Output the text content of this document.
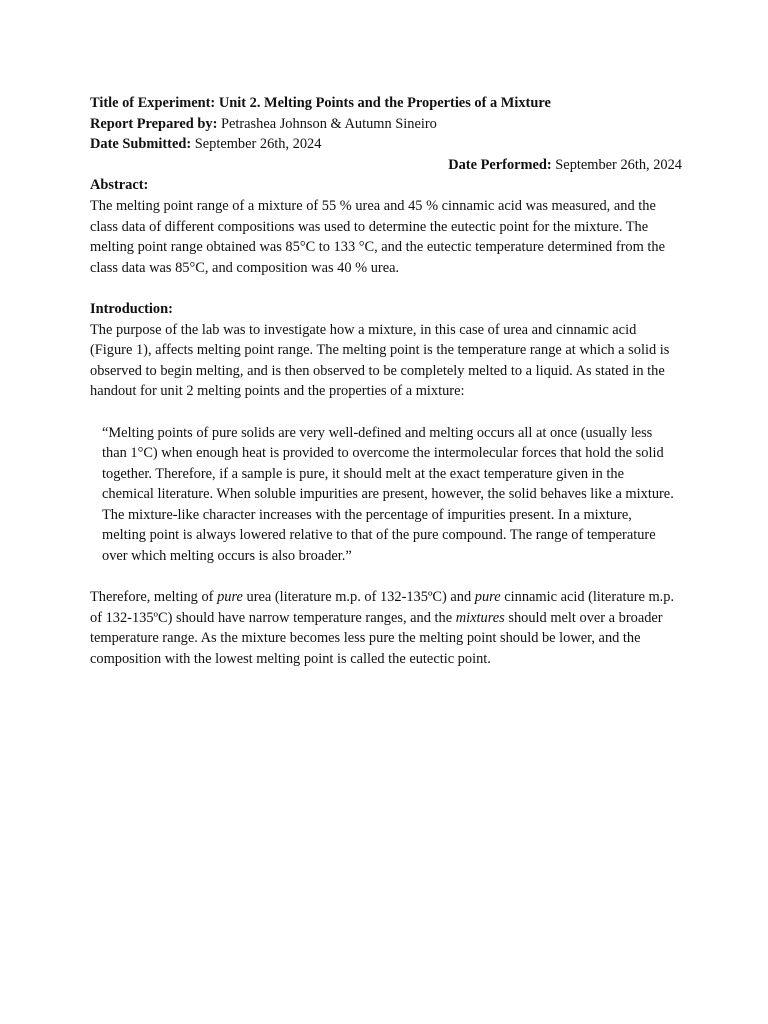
Title of Experiment: Unit 2. Melting Points and the Properties of a Mixture

Report Prepared by: Petrashea Johnson & Autumn Sineiro

Date Submitted: September 26th, 2024

Date Performed: September 26th, 2024

Abstract:

The melting point range of a mixture of 55 % urea and 45 % cinnamic acid was measured, and the class data of different compositions was used to determine the eutectic point for the mixture. The melting point range obtained was 85°C to 133 °C, and the eutectic temperature determined from the class data was 85°C, and composition was 40 % urea.

Introduction:

The purpose of the lab was to investigate how a mixture, in this case of urea and cinnamic acid (Figure 1), affects melting point range. The melting point is the temperature range at which a solid is observed to begin melting, and is then observed to be completely melted to a liquid. As stated in the handout for unit 2 melting points and the properties of a mixture:

“Melting points of pure solids are very well-defined and melting occurs all at once (usually less than 1°C) when enough heat is provided to overcome the intermolecular forces that hold the solid together. Therefore, if a sample is pure, it should melt at the exact temperature given in the chemical literature. When soluble impurities are present, however, the solid behaves like a mixture. The mixture-like character increases with the percentage of impurities present. In a mixture, melting point is always lowered relative to that of the pure compound. The range of temperature over which melting occurs is also broader.”

Therefore, melting of pure urea (literature m.p. of 132-135ºC) and pure cinnamic acid (literature m.p. of 132-135ºC) should have narrow temperature ranges, and the mixtures should melt over a broader temperature range. As the mixture becomes less pure the melting point should be lower, and the composition with the lowest melting point is called the eutectic point.
